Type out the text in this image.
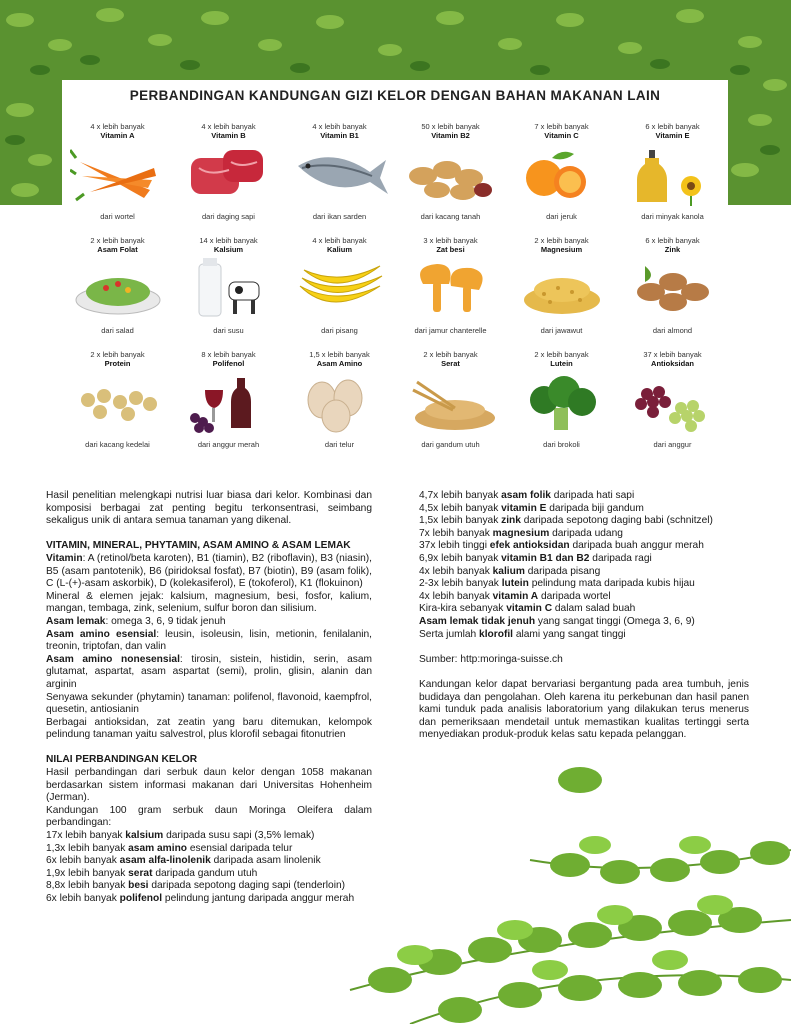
PERBANDINGAN KANDUNGAN GIZI KELOR DENGAN BAHAN MAKANAN LAIN
4 x lebih banyak
Vitamin A
dari wortel
4 x lebih banyak
Vitamin B
dari daging sapi
4 x lebih banyak
Vitamin B1
dari ikan sarden
50 x lebih banyak
Vitamin B2
dari kacang tanah
7 x lebih banyak
Vitamin C
dari jeruk
6 x lebih banyak
Vitamin E
dari minyak kanola
2 x lebih banyak
Asam Folat
dari salad
14 x lebih banyak
Kalsium
dari susu
4 x lebih banyak
Kalium
dari pisang
3 x lebih banyak
Zat besi
dari jamur chanterelle
2 x lebih banyak
Magnesium
dari jawawut
6 x lebih banyak
Zink
dari almond
2 x lebih banyak
Protein
dari kacang kedelai
8 x lebih banyak
Polifenol
dari anggur merah
1,5 x lebih banyak
Asam Amino
dari telur
2 x lebih banyak
Serat
dari gandum utuh
2 x lebih banyak
Lutein
dari brokoli
37 x lebih banyak
Antioksidan
dari anggur

Hasil penelitian melengkapi nutrisi luar biasa dari kelor. Kombinasi dan komposisi berbagai zat penting begitu terkonsentrasi, seimbang sekaligus unik di antara semua tanaman yang dikenal.

VITAMIN, MINERAL, PHYTAMIN, ASAM AMINO & ASAM LEMAK

Vitamin: A (retinol/beta karoten), B1 (tiamin), B2 (riboflavin), B3 (niasin), B5 (asam pantotenik), B6 (piridoksal fosfat), B7 (biotin), B9 (asam folik), C (L-(+)-asam askorbik), D (kolekasiferol), E (tokoferol), K1 (flokuinon)

Mineral & elemen jejak: kalsium, magnesium, besi, fosfor, kalium, mangan, tembaga, zink, selenium, sulfur boron dan silisium.

Asam lemak: omega 3, 6, 9 tidak jenuh

Asam amino esensial: leusin, isoleusin, lisin, metionin, fenilalanin, treonin, triptofan, dan valin

Asam amino nonesensial: tirosin, sistein, histidin, serin, asam glutamat, aspartat, asam aspartat (semi), prolin, glisin, alanin dan arginin

Senyawa sekunder (phytamin) tanaman: polifenol, flavonoid, kaempfrol, quesetin, antiosianin

Berbagai antioksidan, zat zeatin yang baru ditemukan, kelompok pelindung tanaman yaitu salvestrol, plus klorofil sebagai fitonutrien

NILAI PERBANDINGAN KELOR

Hasil perbandingan dari serbuk daun kelor dengan 1058 makanan berdasarkan sistem informasi makanan dari Universitas Hohenheim (Jerman).

Kandungan 100 gram serbuk daun Moringa Oleifera dalam perbandingan:

17x lebih banyak kalsium daripada susu sapi (3,5% lemak)

1,3x lebih banyak asam amino esensial daripada telur

6x lebih banyak asam alfa-linolenik daripada asam linolenik

1,9x lebih banyak serat daripada gandum utuh

8,8x lebih banyak besi daripada sepotong daging sapi (tenderloin)

6x lebih banyak polifenol pelindung jantung daripada anggur merah

4,7x lebih banyak asam folik daripada hati sapi

4,5x lebih banyak vitamin E daripada biji gandum

1,5x lebih banyak zink daripada sepotong daging babi (schnitzel)

7x lebih banyak magnesium daripada udang

37x lebih tinggi efek antioksidan daripada buah anggur merah

6,9x lebih banyak vitamin B1 dan B2 daripada ragi

4x lebih banyak kalium daripada pisang

2-3x lebih banyak lutein pelindung mata daripada kubis hijau

4x lebih banyak vitamin A daripada wortel

Kira-kira sebanyak vitamin C dalam salad buah

Asam lemak tidak jenuh yang sangat tinggi (Omega 3, 6, 9)

Serta jumlah klorofil alami yang sangat tinggi

Sumber: http:moringa-suisse.ch

Kandungan kelor dapat bervariasi bergantung pada area tumbuh, jenis budidaya dan pengolahan. Oleh karena itu perkebunan dan hasil panen kami tunduk pada analisis laboratorium yang dilakukan terus menerus dan pemeriksaan mendetail untuk memastikan kualitas tertinggi serta menyediakan produk-produk kelas satu kepada pelanggan.
